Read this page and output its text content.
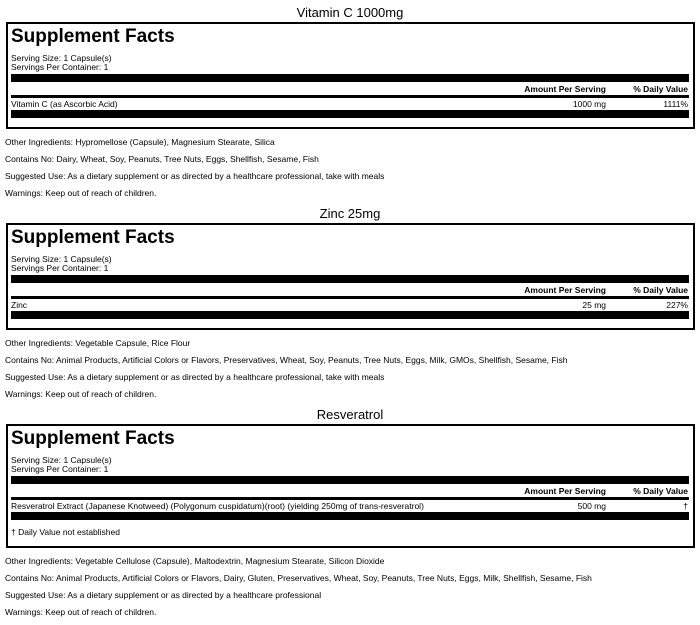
Vitamin C 1000mg
Supplement Facts
Serving Size: 1 Capsule(s)
Servings Per Container: 1
Amount Per Serving	% Daily Value
Vitamin C (as Ascorbic Acid)	1000 mg	1111%
Other Ingredients: Hypromellose (Capsule), Magnesium Stearate, Silica
Contains No: Dairy, Wheat, Soy, Peanuts, Tree Nuts, Eggs, Shellfish, Sesame, Fish
Suggested Use: As a dietary supplement or as directed by a healthcare professional, take with meals
Warnings: Keep out of reach of children.
Zinc 25mg
Supplement Facts
Serving Size: 1 Capsule(s)
Servings Per Container: 1
Amount Per Serving	% Daily Value
Zinc	25 mg	227%
Other Ingredients: Vegetable Capsule, Rice Flour
Contains No: Animal Products, Artificial Colors or Flavors, Preservatives, Wheat, Soy, Peanuts, Tree Nuts, Eggs, Milk, GMOs, Shellfish, Sesame, Fish
Suggested Use: As a dietary supplement or as directed by a healthcare professional, take with meals
Warnings: Keep out of reach of children.
Resveratrol
Supplement Facts
Serving Size: 1 Capsule(s)
Servings Per Container: 1
Amount Per Serving	% Daily Value
Resveratrol Extract (Japanese Knotweed) (Polygonum cuspidatum)(root) (yielding 250mg of trans-resveratrol)	500 mg	†
† Daily Value not established
Other Ingredients: Vegetable Cellulose (Capsule), Maltodextrin, Magnesium Stearate, Silicon Dioxide
Contains No: Animal Products, Artificial Colors or Flavors, Dairy, Gluten, Preservatives, Wheat, Soy, Peanuts, Tree Nuts, Eggs, Milk, Shellfish, Sesame, Fish
Suggested Use: As a dietary supplement or as directed by a healthcare professional
Warnings: Keep out of reach of children.
